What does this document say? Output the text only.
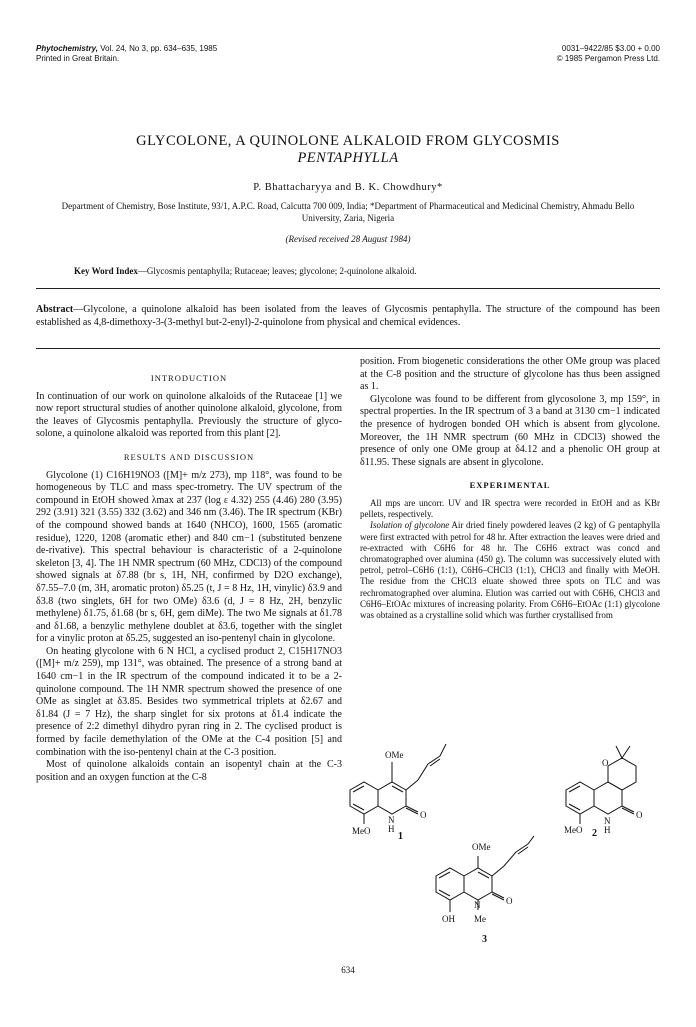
Phytochemistry, Vol. 24, No 3, pp. 634–635, 1985
Printed in Great Britain.
0031–9422/85 $3.00 + 0.00
© 1985 Pergamon Press Ltd.
GLYCOLONE, A QUINOLONE ALKALOID FROM GLYCOSMIS
PENTAPHYLLA
P. Bhattacharyya and B. K. Chowdhury*
Department of Chemistry, Bose Institute, 93/1, A.P.C. Road, Calcutta 700 009, India; *Department of Pharmaceutical and Medicinal Chemistry, Ahmadu Bello University, Zaria, Nigeria
(Revised received 28 August 1984)
Key Word Index—Glycosmis pentaphylla; Rutaceae; leaves; glycolone; 2-quinolone alkaloid.
Abstract—Glycolone, a quinolone alkaloid has been isolated from the leaves of Glycosmis pentaphylla. The structure of the compound has been established as 4,8-dimethoxy-3-(3-methyl but-2-enyl)-2-quinolone from physical and chemical evidences.
INTRODUCTION

In continuation of our work on quinolone alkaloids of the Rutaceae [1] we now report structural studies of another quinolone alkaloid, glycolone, from the leaves of Glycosmis pentaphylla. Previously the structure of glyco-solone, a quinolone alkaloid was reported from this plant [2].

RESULTS AND DISCUSSION

Glycolone (1) C16H19NO3 ([M]+ m/z 273), mp 118°, was found to be homogeneous by TLC and mass spec-trometry. The UV spectrum of the compound in EtOH showed λmax at 237 (log ε 4.32) 255 (4.46) 280 (3.95) 292 (3.91) 321 (3.55) 332 (3.62) and 346 nm (3.46). The IR spectrum (KBr) of the compound showed bands at 1640 (NHCO), 1600, 1565 (aromatic residue), 1220, 1208 (aromatic ether) and 840 cm−1 (substituted benzene de-rivative). This spectral behaviour is characteristic of a 2-quinolone skeleton [3, 4]. The 1H NMR spectrum (60 MHz, CDCl3) of the compound showed signals at δ7.88 (br s, 1H, NH, confirmed by D2O exchange), δ7.55–7.0 (m, 3H, aromatic proton) δ5.25 (t, J = 8 Hz, 1H, vinylic) δ3.9 and δ3.8 (two singlets, 6H for two OMe) δ3.6 (d, J = 8 Hz, 2H, benzylic methylene) δ1.75, δ1.68 (br s, 6H, gem diMe). The two Me signals at δ1.78 and δ1.68, a benzylic methylene doublet at δ3.6, together with the singlet for a vinylic proton at δ5.25, suggested an iso-pentenyl chain in glycolone.

On heating glycolone with 6 N HCl, a cyclised product 2, C15H17NO3 ([M]+ m/z 259), mp 131°, was obtained. The presence of a strong band at 1640 cm−1 in the IR spectrum of the compound indicated it to be a 2-quinolone compound. The 1H NMR spectrum showed the presence of one OMe as singlet at δ3.85. Besides two symmetrical triplets at δ2.67 and δ1.84 (J = 7 Hz), the sharp singlet for six protons at δ1.4 indicate the presence of 2:2 dimethyl dihydro pyran ring in 2. The cyclised product is formed by facile demethylation of the OMe at the C-4 position [5] and combination with the iso-pentenyl chain at the C-3 position.

Most of quinolone alkaloids contain an isopentyl chain at the C-3 position and an oxygen function at the C-8

position. From biogenetic considerations the other OMe group was placed at the C-8 position and the structure of glycolone has thus been assigned as 1.

Glycolone was found to be different from glycosolone 3, mp 159°, in spectral properties. In the IR spectrum of 3 a band at 3130 cm−1 indicated the presence of hydrogen bonded OH which is absent from glycolone. Moreover, the 1H NMR spectrum (60 MHz in CDCl3) showed the presence of only one OMe group at δ4.12 and a phenolic OH group at δ11.95. These signals are absent in glycolone.

EXPERIMENTAL

All mps are uncorr. UV and IR spectra were recorded in EtOH and as KBr pellets, respectively.

Isolation of glycolone Air dried finely powdered leaves (2 kg) of G pentaphylla were first extracted with petrol for 48 hr. After extraction the leaves were dried and re-extracted with C6H6 for 48 hr. The C6H6 extract was concd and chromatographed over alumina (450 g). The column was successively eluted with petrol, petrol–C6H6 (1:1), C6H6–CHCl3 (1:1), CHCl3 and finally with MeOH. The residue from the CHCl3 eluate showed three spots on TLC and was rechromatographed over alumina. Elution was carried out with C6H6, CHCl3 and C6H6–EtOAc mixtures of increasing polarity. From C6H6–EtOAc (1:1) glycolone was obtained as a crystalline solid which was further crystallised from

OMe
N
H
O
MeO	1
O
N
H
O
MeO 2
OMe
N
Me
O
OH
3
634
